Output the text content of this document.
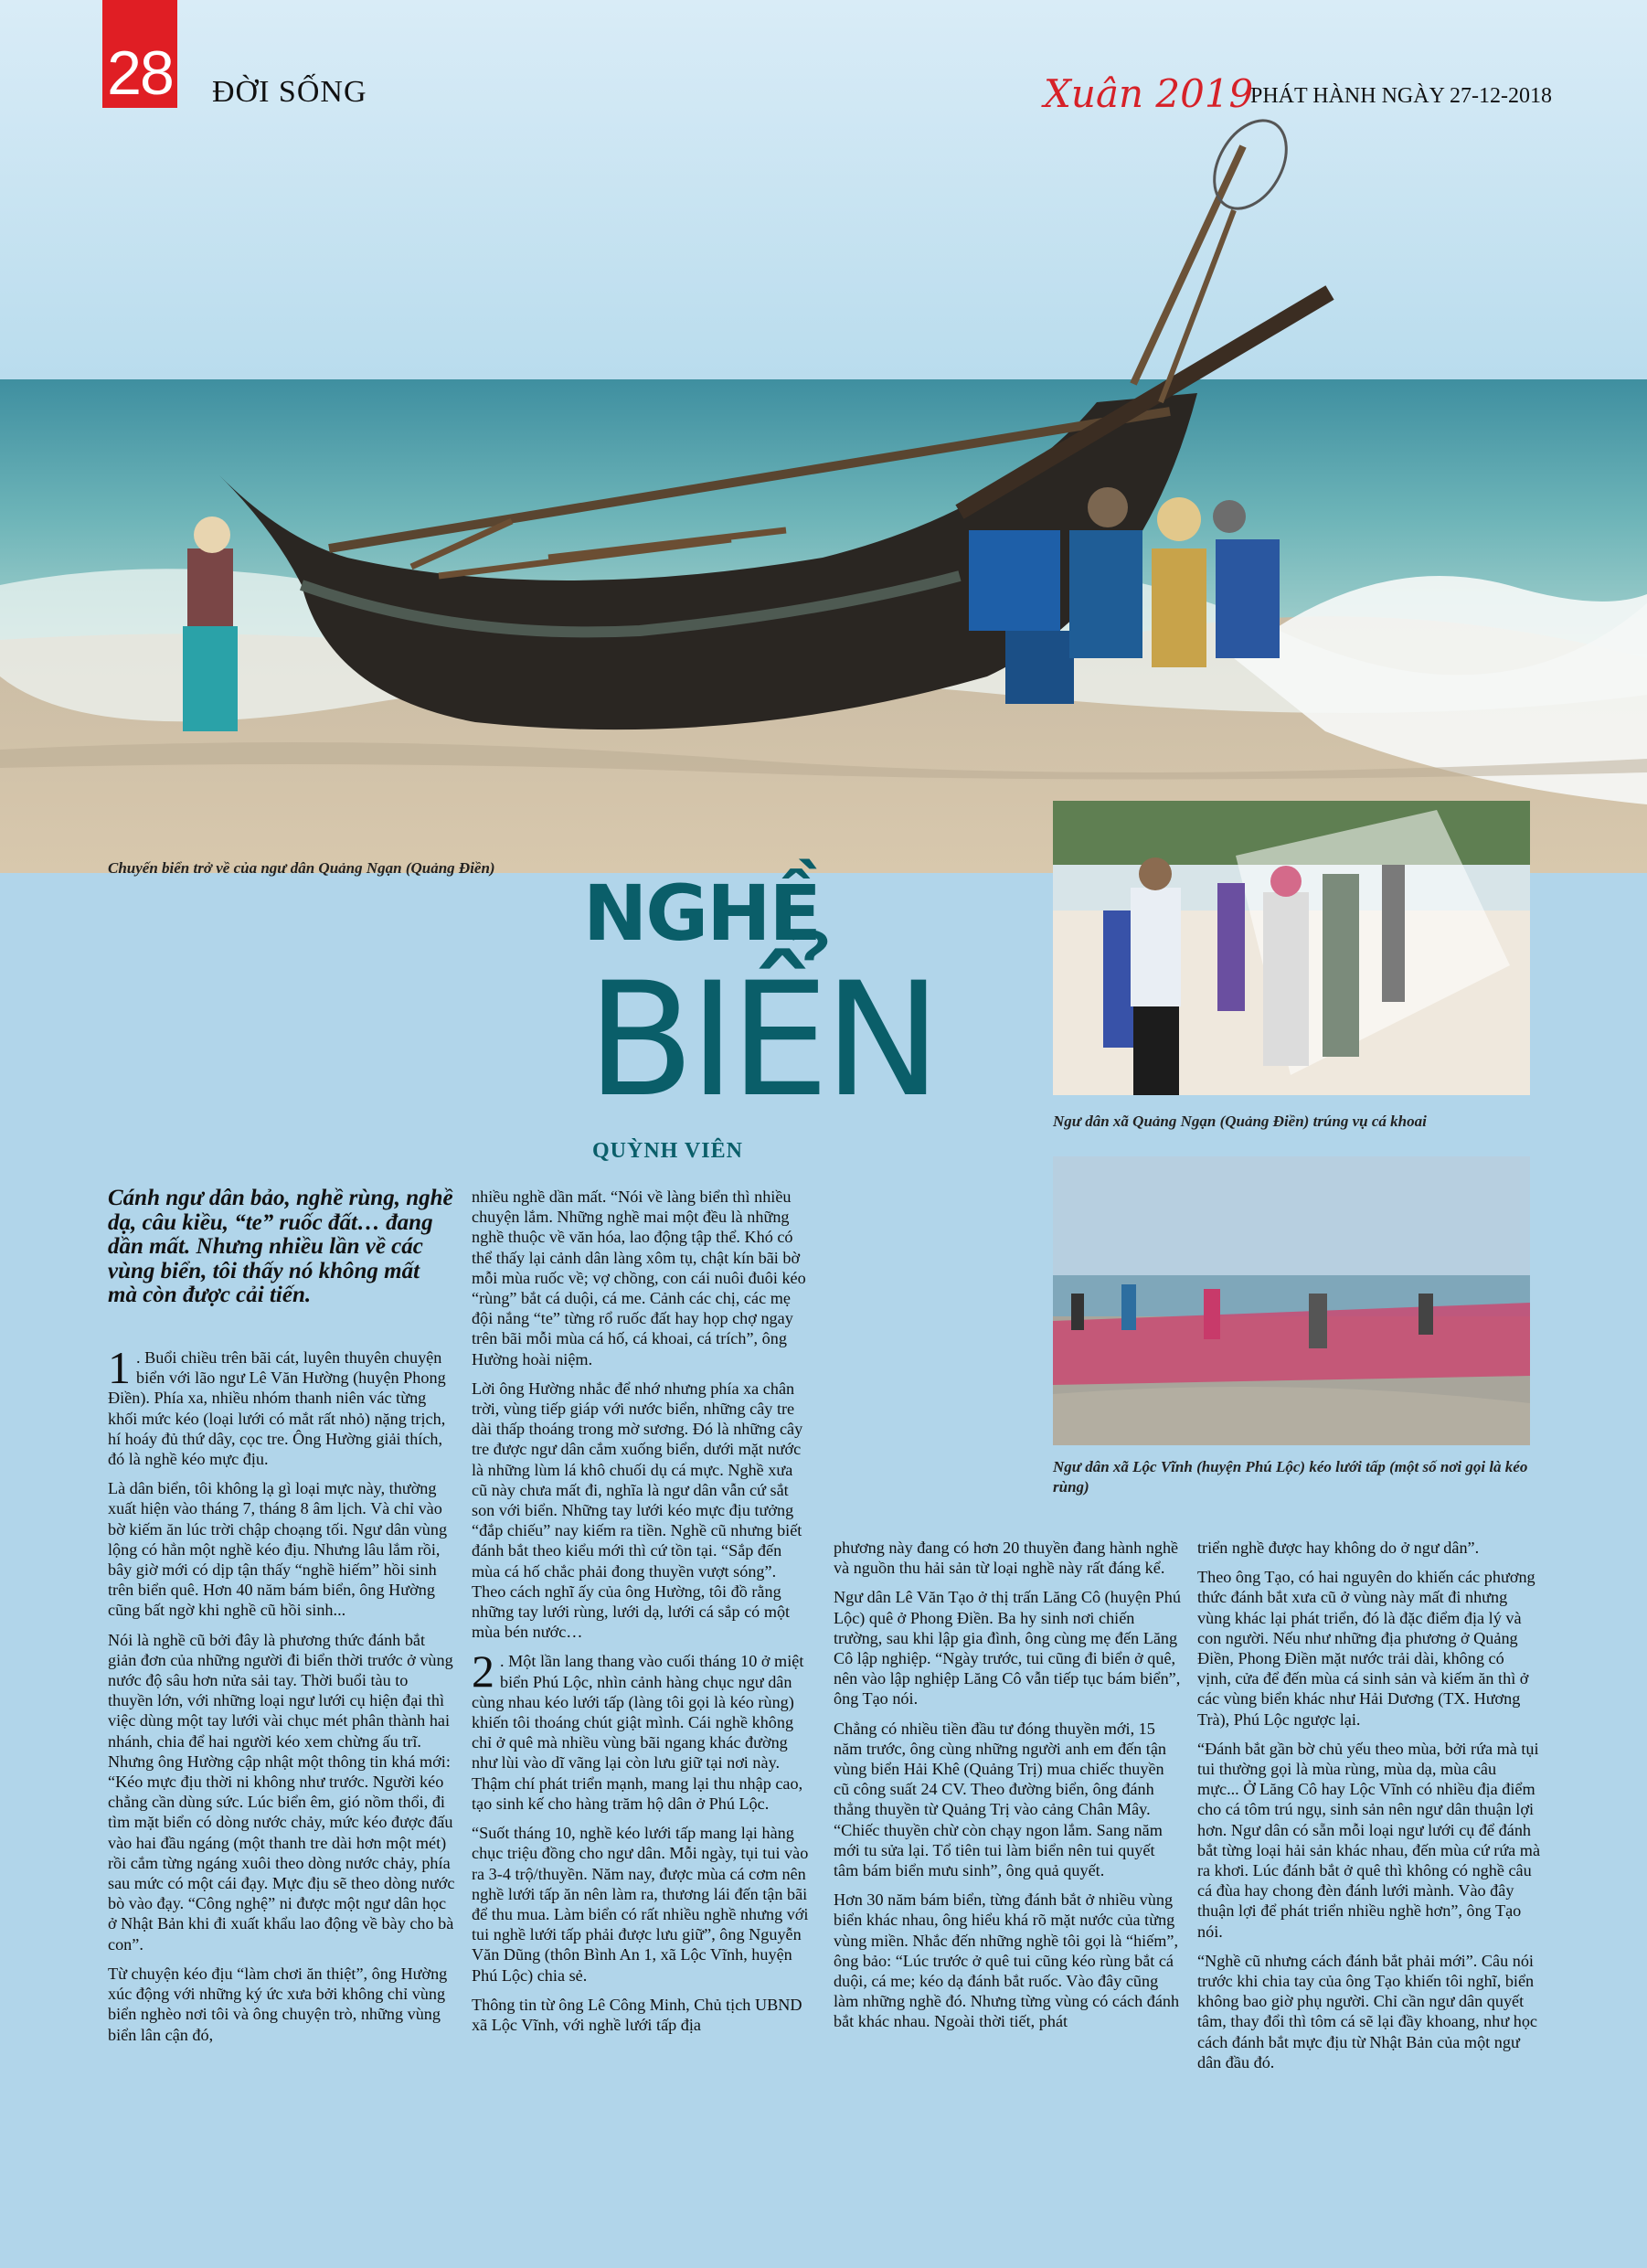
28 ĐỜI SỐNG	Xuân 2019
PHÁT HÀNH NGÀY 27-12-2018
Chuyến biển trở về của ngư dân Quảng Ngạn (Quảng Điền)
NGHỀ
BIỂN
QUỲNH VIÊN
Ngư dân xã Quảng Ngạn (Quảng Điền) trúng vụ cá khoai
Ngư dân xã Lộc Vĩnh (huyện Phú Lộc) kéo lưới tấp (một số nơi gọi là kéo rùng)
Cánh ngư dân bảo, nghề rùng, nghề dạ, câu kiều, “te” ruốc đất… đang dần mất. Nhưng nhiều lần về các vùng biển, tôi thấy nó không mất mà còn được cải tiến.

1 . Buổi chiều trên bãi cát, luyên thuyên chuyện biển với lão ngư Lê Văn Hường (huyện Phong Điền). Phía xa, nhiều nhóm thanh niên vác từng khối mức kéo (loại lưới có mắt rất nhỏ) nặng trịch, hí hoáy đủ thứ dây, cọc tre. Ông Hường giải thích, đó là nghề kéo mực địu.

Là dân biển, tôi không lạ gì loại mực này, thường xuất hiện vào tháng 7, tháng 8 âm lịch. Và chỉ vào bờ kiếm ăn lúc trời chập choạng tối. Ngư dân vùng lộng có hẳn một nghề kéo địu. Nhưng lâu lắm rồi, bây giờ mới có dịp tận thấy “nghề hiếm” hồi sinh trên biển quê. Hơn 40 năm bám biển, ông Hường cũng bất ngờ khi nghề cũ hồi sinh...

Nói là nghề cũ bởi đây là phương thức đánh bắt giản đơn của những người đi biển thời trước ở vùng nước độ sâu hơn nửa sải tay. Thời buổi tàu to thuyền lớn, với những loại ngư lưới cụ hiện đại thì việc dùng một tay lưới vài chục mét phân thành hai nhánh, chia để hai người kéo xem chừng ấu trĩ. Nhưng ông Hường cập nhật một thông tin khá mới: “Kéo mực địu thời ni không như trước. Người kéo chẳng cần dùng sức. Lúc biển êm, gió nồm thổi, đi tìm mặt biển có dòng nước chảy, mức kéo được đấu vào hai đầu ngáng (một thanh tre dài hơn một mét) rồi cắm từng ngáng xuôi theo dòng nước chảy, phía sau mức có một cái đạy. Mực địu sẽ theo dòng nước bò vào đạy. “Công nghệ” ni được một ngư dân học ở Nhật Bản khi đi xuất khẩu lao động về bày cho bà con”.

Từ chuyện kéo địu “làm chơi ăn thiệt”, ông Hường xúc động với những ký ức xưa bởi không chỉ vùng biển nghèo nơi tôi và ông chuyện trò, những vùng biển lân cận đó,

nhiều nghề dần mất. “Nói về làng biển thì nhiều chuyện lắm. Những nghề mai một đều là những nghề thuộc về văn hóa, lao động tập thể. Khó có thể thấy lại cảnh dân làng xôm tụ, chật kín bãi bờ mỗi mùa ruốc về; vợ chồng, con cái nuôi đuôi kéo “rùng” bắt cá duội, cá me. Cảnh các chị, các mẹ đội nắng “te” từng rổ ruốc đất hay họp chợ ngay trên bãi mỗi mùa cá hố, cá khoai, cá trích”, ông Hường hoài niệm.

Lời ông Hường nhắc để nhớ nhưng phía xa chân trời, vùng tiếp giáp với nước biển, những cây tre dài thấp thoáng trong mờ sương. Đó là những cây tre được ngư dân cắm xuống biển, dưới mặt nước là những lùm lá khô chuối dụ cá mực. Nghề xưa cũ này chưa mất đi, nghĩa là ngư dân vẫn cứ sắt son với biển. Những tay lưới kéo mực địu tưởng “đắp chiếu” nay kiếm ra tiền. Nghề cũ nhưng biết đánh bắt theo kiểu mới thì cứ tồn tại. “Sắp đến mùa cá hố chắc phải đong thuyền vượt sóng”. Theo cách nghĩ ấy của ông Hường, tôi đồ rằng những tay lưới rùng, lưới dạ, lưới cá sắp có một mùa bén nước…

2 . Một lần lang thang vào cuối tháng 10 ở miệt biển Phú Lộc, nhìn cảnh hàng chục ngư dân cùng nhau kéo lưới tấp (làng tôi gọi là kéo rùng) khiến tôi thoáng chút giật mình. Cái nghề không chỉ ở quê mà nhiều vùng bãi ngang khác đường như lùi vào dĩ vãng lại còn lưu giữ tại nơi này. Thậm chí phát triển mạnh, mang lại thu nhập cao, tạo sinh kế cho hàng trăm hộ dân ở Phú Lộc.

“Suốt tháng 10, nghề kéo lưới tấp mang lại hàng chục triệu đồng cho ngư dân. Mỗi ngày, tụi tui vào ra 3-4 trộ/thuyền. Năm nay, được mùa cá cơm nên nghề lưới tấp ăn nên làm ra, thương lái đến tận bãi để thu mua. Làm biển có rất nhiều nghề nhưng với tui nghề lưới tấp phải được lưu giữ”, ông Nguyễn Văn Dũng (thôn Bình An 1, xã Lộc Vĩnh, huyện Phú Lộc) chia sẻ.

Thông tin từ ông Lê Công Minh, Chủ tịch UBND xã Lộc Vĩnh, với nghề lưới tấp địa

phương này đang có hơn 20 thuyền đang hành nghề và nguồn thu hải sản từ loại nghề này rất đáng kể.

Ngư dân Lê Văn Tạo ở thị trấn Lăng Cô (huyện Phú Lộc) quê ở Phong Điền. Ba hy sinh nơi chiến trường, sau khi lập gia đình, ông cùng mẹ đến Lăng Cô lập nghiệp. “Ngày trước, tui cũng đi biển ở quê, nên vào lập nghiệp Lăng Cô vẫn tiếp tục bám biển”, ông Tạo nói.

Chẳng có nhiều tiền đầu tư đóng thuyền mới, 15 năm trước, ông cùng những người anh em đến tận vùng biển Hải Khê (Quảng Trị) mua chiếc thuyền cũ công suất 24 CV. Theo đường biển, ông đánh thẳng thuyền từ Quảng Trị vào cảng Chân Mây. “Chiếc thuyền chừ còn chạy ngon lắm. Sang năm mới tu sửa lại. Tổ tiên tui làm biển nên tui quyết tâm bám biển mưu sinh”, ông quả quyết.

Hơn 30 năm bám biển, từng đánh bắt ở nhiều vùng biển khác nhau, ông hiểu khá rõ mặt nước của từng vùng miền. Nhắc đến những nghề tôi gọi là “hiếm”, ông bảo: “Lúc trước ở quê tui cũng kéo rùng bắt cá duội, cá me; kéo dạ đánh bắt ruốc. Vào đây cũng làm những nghề đó. Nhưng từng vùng có cách đánh bắt khác nhau. Ngoài thời tiết, phát

triển nghề được hay không do ở ngư dân”.

Theo ông Tạo, có hai nguyên do khiến các phương thức đánh bắt xưa cũ ở vùng này mất đi nhưng vùng khác lại phát triển, đó là đặc điểm địa lý và con người. Nếu như những địa phương ở Quảng Điền, Phong Điền mặt nước trải dài, không có vịnh, cửa để đến mùa cá sinh sản và kiếm ăn thì ở các vùng biển khác như Hải Dương (TX. Hương Trà), Phú Lộc ngược lại.

“Đánh bắt gần bờ chủ yếu theo mùa, bởi rứa mà tụi tui thường gọi là mùa rùng, mùa dạ, mùa câu mực... Ở Lăng Cô hay Lộc Vĩnh có nhiều địa điểm cho cá tôm trú ngụ, sinh sản nên ngư dân thuận lợi hơn. Ngư dân có sẵn mỗi loại ngư lưới cụ để đánh bắt từng loại hải sản khác nhau, đến mùa cứ rứa mà ra khơi. Lúc đánh bắt ở quê thì không có nghề câu cá đùa hay chong đèn đánh lưới mành. Vào đây thuận lợi để phát triển nhiều nghề hơn”, ông Tạo nói.

“Nghề cũ nhưng cách đánh bắt phải mới”. Câu nói trước khi chia tay của ông Tạo khiến tôi nghĩ, biển không bao giờ phụ người. Chỉ cần ngư dân quyết tâm, thay đổi thì tôm cá sẽ lại đầy khoang, như học cách đánh bắt mực địu từ Nhật Bản của một ngư dân đầu đó.
